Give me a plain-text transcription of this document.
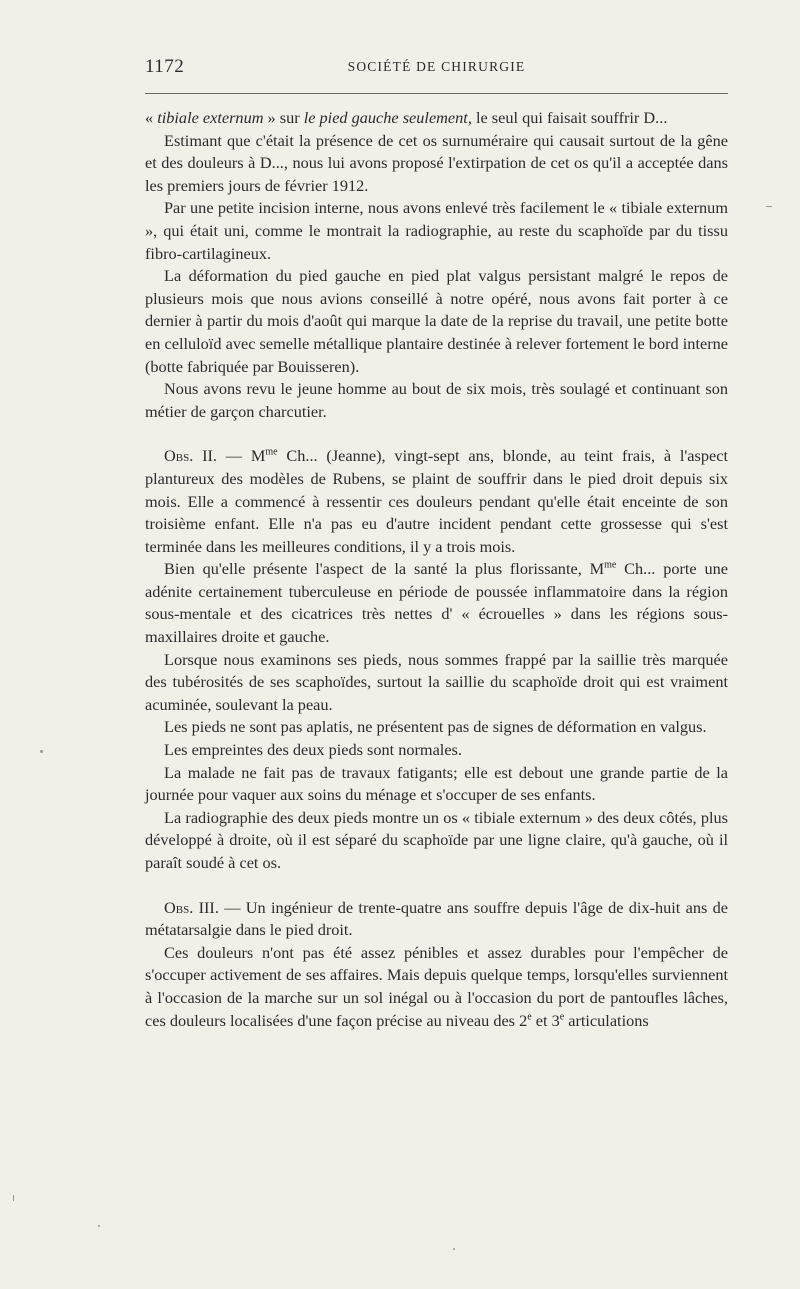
1172	SOCIÉTÉ DE CHIRURGIE

« tibiale externum » sur le pied gauche seulement, le seul qui faisait souffrir D...

Estimant que c'était la présence de cet os surnuméraire qui causait surtout de la gêne et des douleurs à D..., nous lui avons proposé l'extirpation de cet os qu'il a acceptée dans les premiers jours de février 1912.

Par une petite incision interne, nous avons enlevé très facilement le « tibiale externum », qui était uni, comme le montrait la radiographie, au reste du scaphoïde par du tissu fibro-cartilagineux.

La déformation du pied gauche en pied plat valgus persistant malgré le repos de plusieurs mois que nous avions conseillé à notre opéré, nous avons fait porter à ce dernier à partir du mois d'août qui marque la date de la reprise du travail, une petite botte en celluloïd avec semelle métallique plantaire destinée à relever fortement le bord interne (botte fabriquée par Bouisseren).

Nous avons revu le jeune homme au bout de six mois, très soulagé et continuant son métier de garçon charcutier.

Obs. II. — $M^{me}$ Ch... (Jeanne), vingt-sept ans, blonde, au teint frais, à l'aspect plantureux des modèles de Rubens, se plaint de souffrir dans le pied droit depuis six mois. Elle a commencé à ressentir ces douleurs pendant qu'elle était enceinte de son troisième enfant. Elle n'a pas eu d'autre incident pendant cette grossesse qui s'est terminée dans les meilleures conditions, il y a trois mois.

Bien qu'elle présente l'aspect de la santé la plus florissante, $M^{me}$ Ch... porte une adénite certainement tuberculeuse en période de poussée inflammatoire dans la région sous-mentale et des cicatrices très nettes d' « écrouelles » dans les régions sous-maxillaires droite et gauche.

Lorsque nous examinons ses pieds, nous sommes frappé par la saillie très marquée des tubérosités de ses scaphoïdes, surtout la saillie du scaphoïde droit qui est vraiment acuminée, soulevant la peau.

Les pieds ne sont pas aplatis, ne présentent pas de signes de déformation en valgus.

Les empreintes des deux pieds sont normales.

La malade ne fait pas de travaux fatigants; elle est debout une grande partie de la journée pour vaquer aux soins du ménage et s'occuper de ses enfants.

La radiographie des deux pieds montre un os « tibiale externum » des deux côtés, plus développé à droite, où il est séparé du scaphoïde par une ligne claire, qu'à gauche, où il paraît soudé à cet os.

Obs. III. — Un ingénieur de trente-quatre ans souffre depuis l'âge de dix-huit ans de métatarsalgie dans le pied droit.

Ces douleurs n'ont pas été assez pénibles et assez durables pour l'empêcher de s'occuper activement de ses affaires. Mais depuis quelque temps, lorsqu'elles surviennent à l'occasion de la marche sur un sol inégal ou à l'occasion du port de pantoufles lâches, ces douleurs localisées d'une façon précise au niveau des 2e et 3e articulations
